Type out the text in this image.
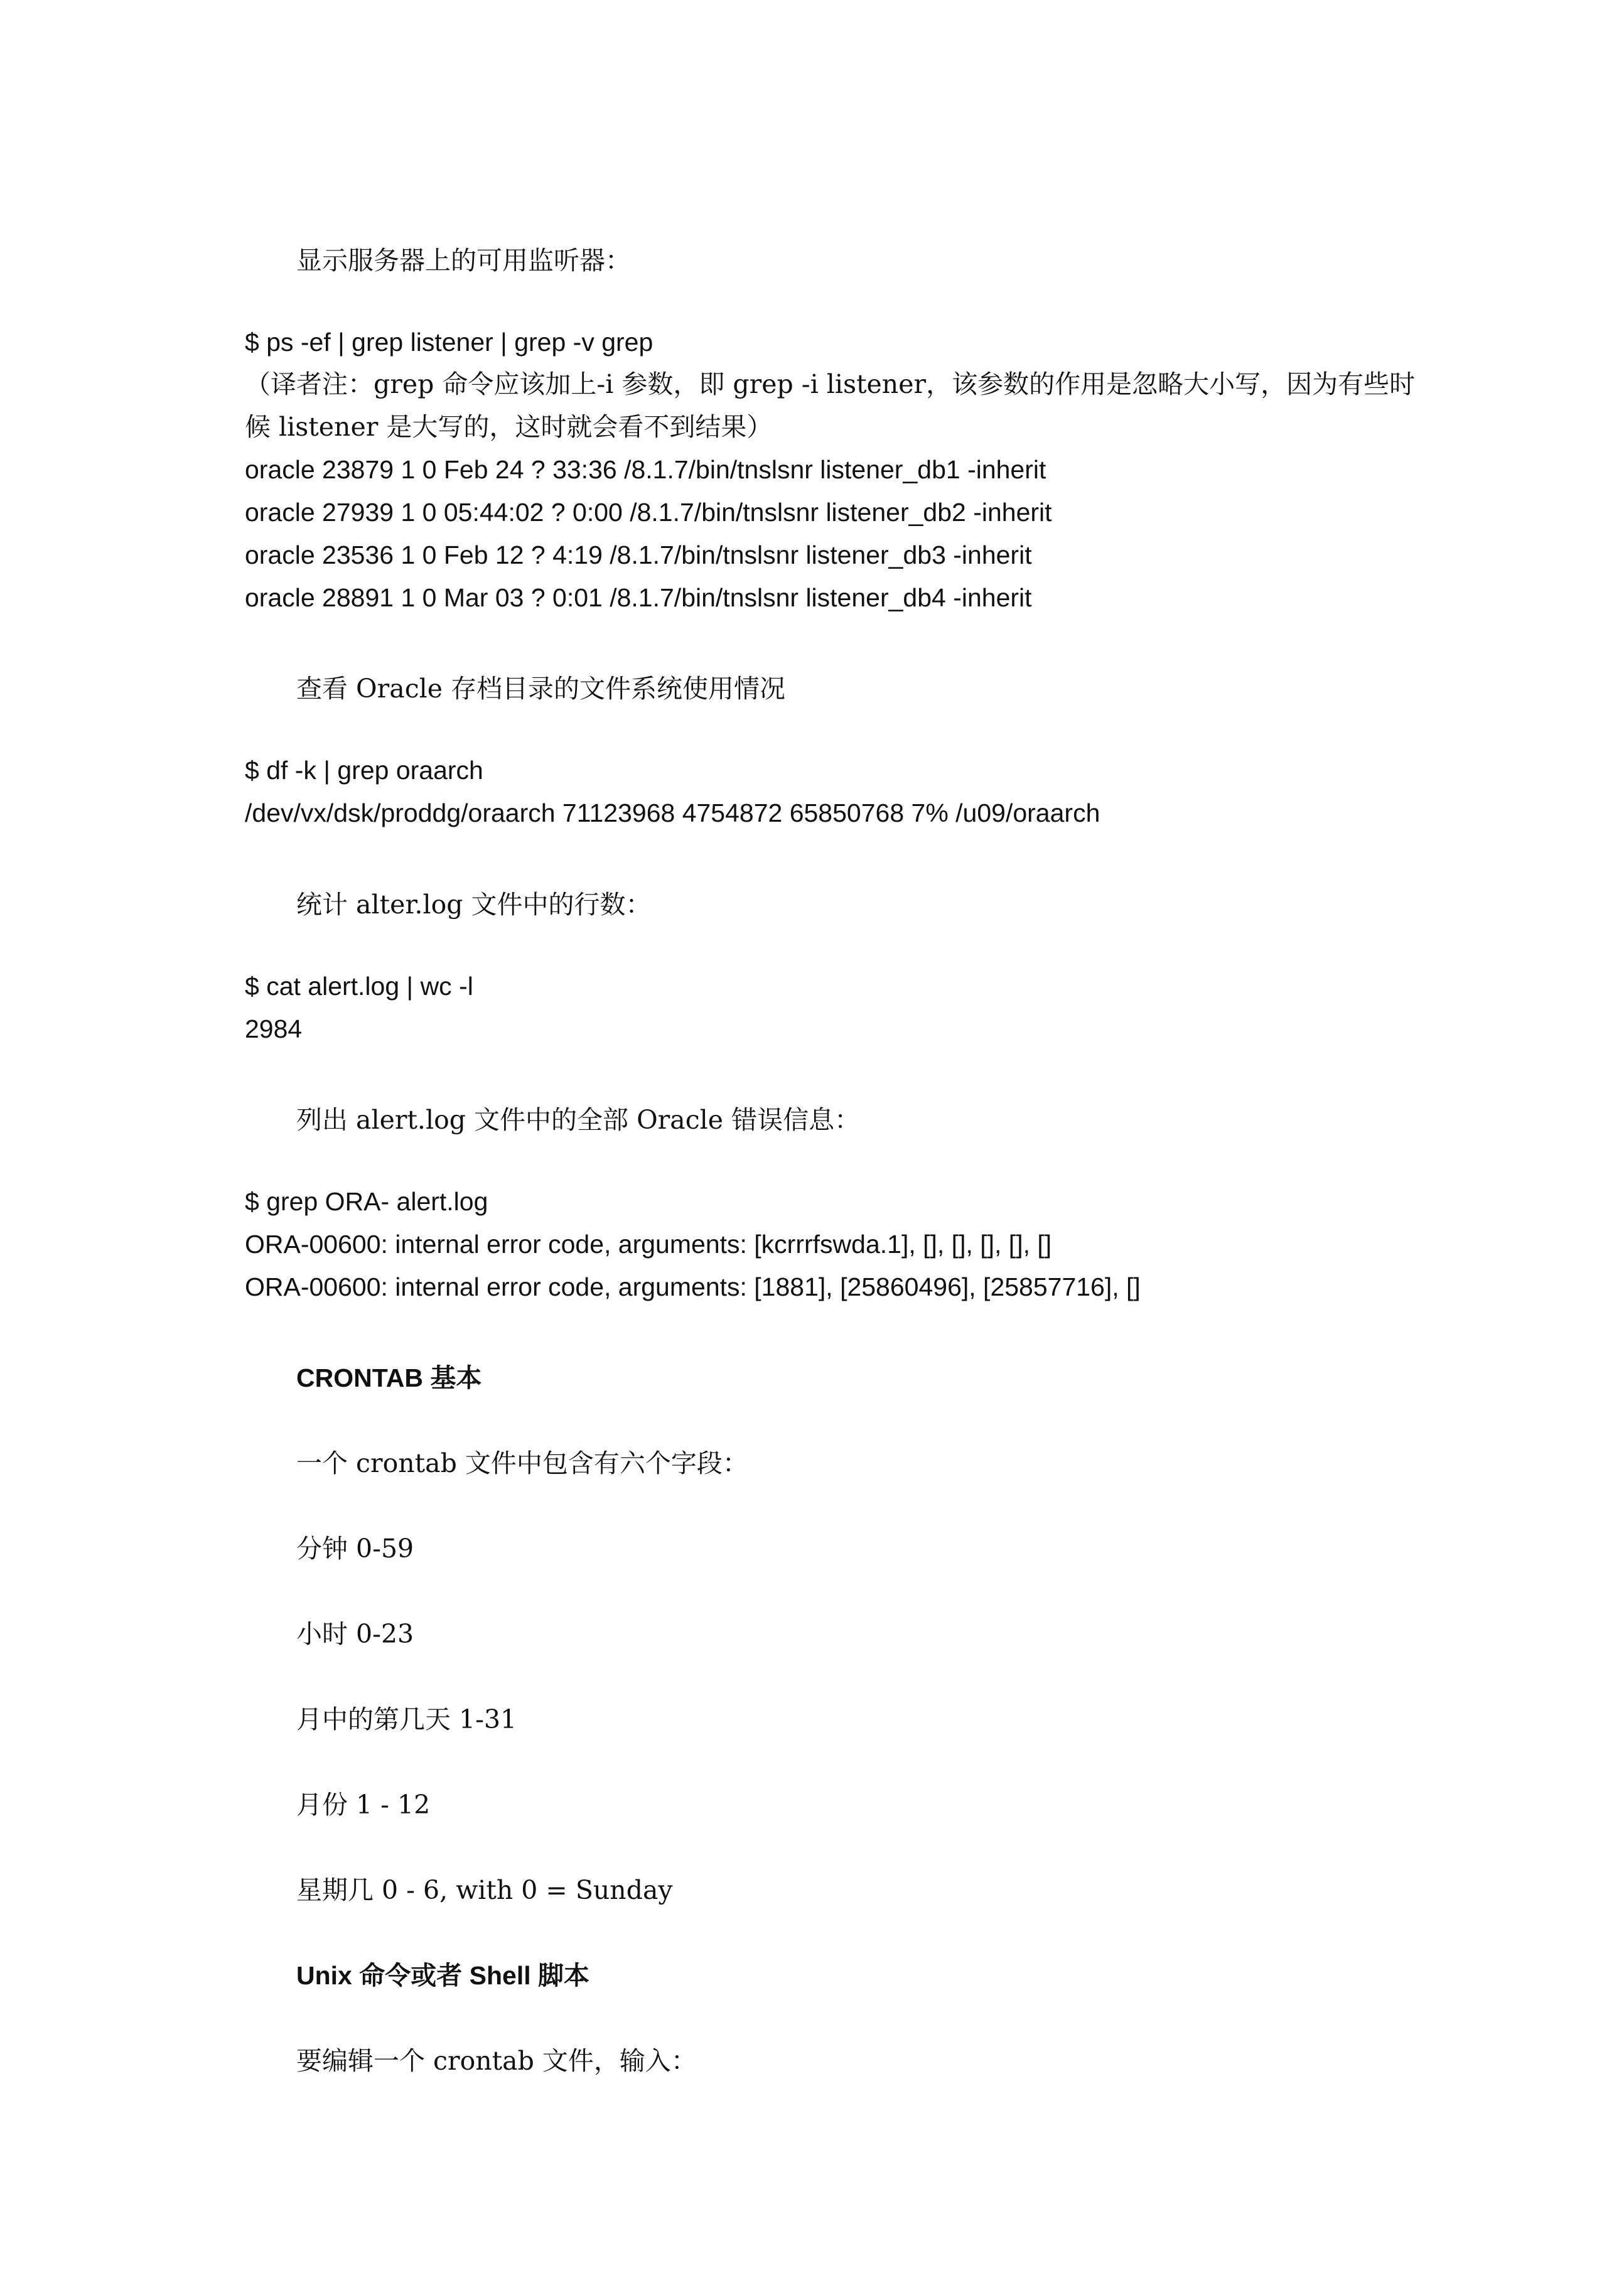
显示服务器上的可用监听器：
$ ps -ef | grep listener | grep -v grep
（译者注：grep 命令应该加上-i 参数，即 grep -i listener，该参数的作用是忽略大小写，因为有些时
候 listener 是大写的，这时就会看不到结果）
oracle 23879 1 0 Feb 24 ? 33:36 /8.1.7/bin/tnslsnr listener_db1 -inherit
oracle 27939 1 0 05:44:02 ? 0:00 /8.1.7/bin/tnslsnr listener_db2 -inherit
oracle 23536 1 0 Feb 12 ? 4:19 /8.1.7/bin/tnslsnr listener_db3 -inherit
oracle 28891 1 0 Mar 03 ? 0:01 /8.1.7/bin/tnslsnr listener_db4 -inherit
查看 Oracle 存档目录的文件系统使用情况
$ df -k | grep oraarch
/dev/vx/dsk/proddg/oraarch 71123968 4754872 65850768 7% /u09/oraarch
统计 alter.log 文件中的行数：
$ cat alert.log | wc -l
2984
列出 alert.log 文件中的全部 Oracle 错误信息：
$ grep ORA- alert.log
ORA-00600: internal error code, arguments: [kcrrrfswda.1], [], [], [], [], []
ORA-00600: internal error code, arguments: [1881], [25860496], [25857716], []
CRONTAB 基本
一个 crontab 文件中包含有六个字段：
分钟 0-59
小时 0-23
月中的第几天 1-31
月份 1 - 12
星期几 0 - 6, with 0 = Sunday
Unix 命令或者 Shell 脚本
要编辑一个 crontab 文件，输入：
